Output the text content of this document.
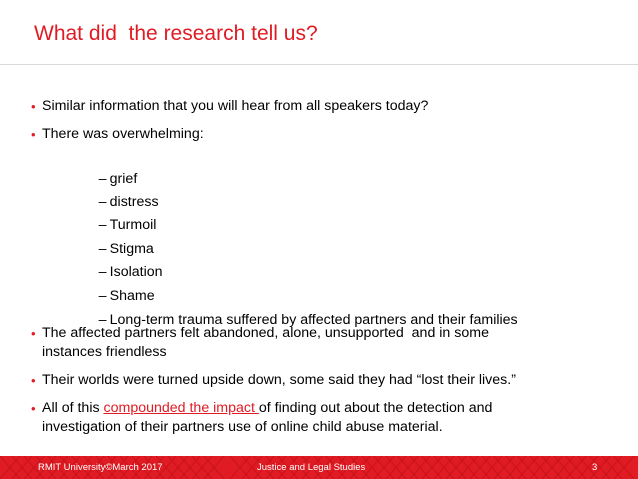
What did  the research tell us?
• Similar information that you will hear from all speakers today?
• There was overwhelming:

– grief

– distress

– Turmoil

– Stigma

– Isolation

– Shame

– Long-term trauma suffered by affected partners and their families

• The affected partners felt abandoned, alone, unsupported  and in some
instances friendless
• Their worlds were turned upside down, some said they had “lost their lives.”
• All of this compounded the impact of finding out about the detection and
investigation of their partners use of online child abuse material.
RMIT University©March 2017	Justice and Legal Studies	3
